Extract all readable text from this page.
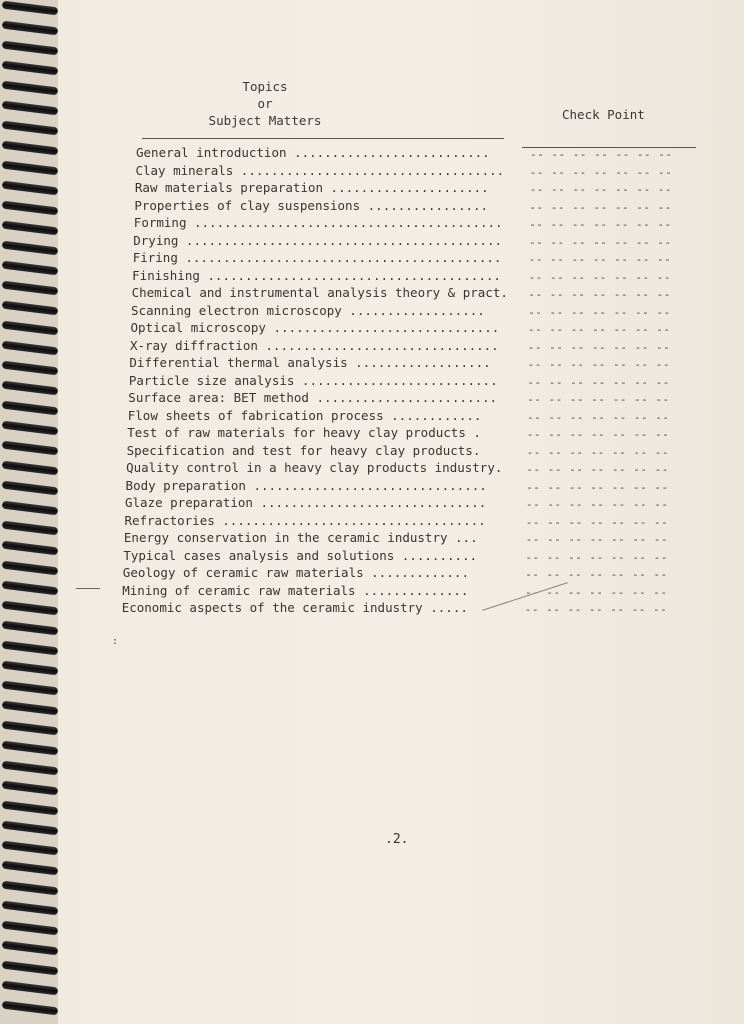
Topics
or
Subject Matters	Check Point
General introduction ..........................	-- -- -- -- -- -- --
Clay minerals ...................................	-- -- -- -- -- -- --
Raw materials preparation .....................	-- -- -- -- -- -- --
Properties of clay suspensions ................	-- -- -- -- -- -- --
Forming .........................................	-- -- -- -- -- -- --
Drying ..........................................	-- -- -- -- -- -- --
Firing ..........................................	-- -- -- -- -- -- --
Finishing .......................................	-- -- -- -- -- -- --
Chemical and instrumental analysis theory & pract.	-- -- -- -- -- -- --
Scanning electron microscopy ..................	-- -- -- -- -- -- --
Optical microscopy ..............................	-- -- -- -- -- -- --
X-ray diffraction ...............................	-- -- -- -- -- -- --
Differential thermal analysis ..................	-- -- -- -- -- -- --
Particle size analysis ..........................	-- -- -- -- -- -- --
Surface area: BET method ........................	-- -- -- -- -- -- --
Flow sheets of fabrication process ............	-- -- -- -- -- -- --
Test of raw materials for heavy clay products .	-- -- -- -- -- -- --
Specification and test for heavy clay products.	-- -- -- -- -- -- --
Quality control in a heavy clay products industry.	-- -- -- -- -- -- --
Body preparation ...............................	-- -- -- -- -- -- --
Glaze preparation ..............................	-- -- -- -- -- -- --
Refractories ...................................	-- -- -- -- -- -- --
Energy conservation in the ceramic industry ...	-- -- -- -- -- -- --
Typical cases analysis and solutions ..........	-- -- -- -- -- -- --
Geology of ceramic raw materials .............	-- -- -- -- -- -- --
Mining of ceramic raw materials ..............	-- -- -- -- -- -- --
Economic aspects of the ceramic industry .....	-- -- -- -- -- -- --
:
.2.
